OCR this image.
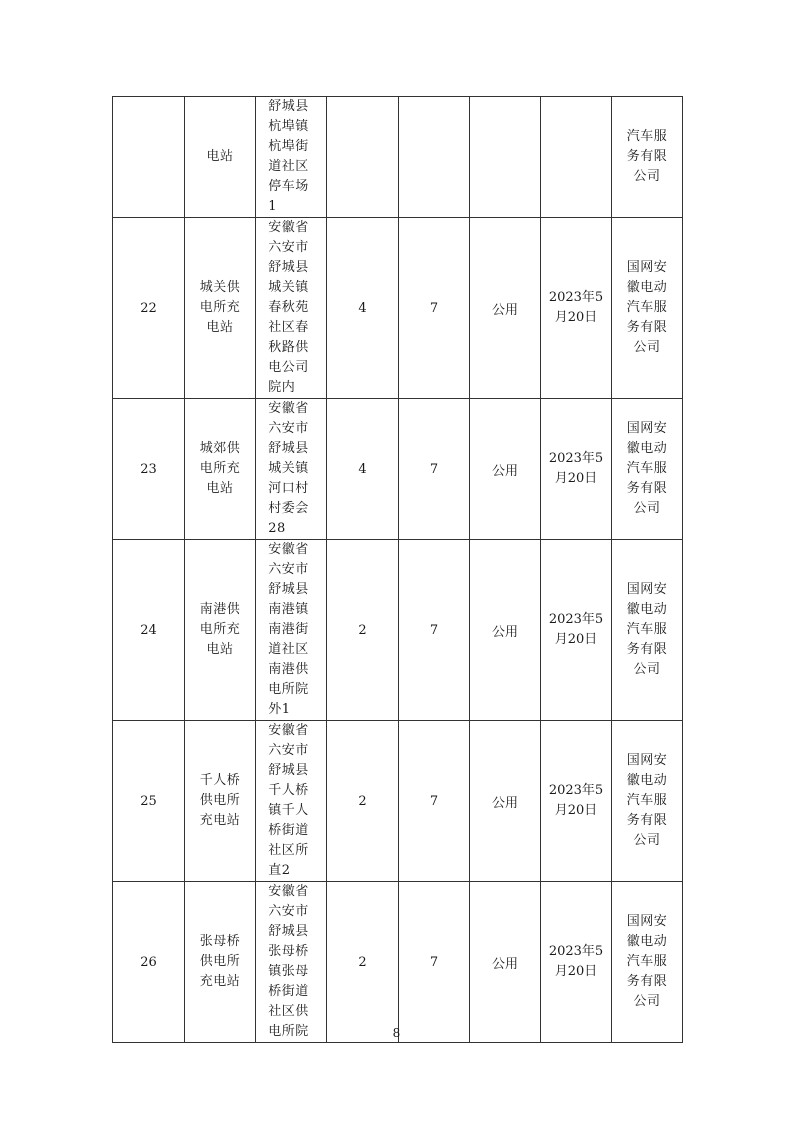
	电站	舒城县杭埠镇杭埠街道社区停车场1					汽车服务有限公司
22	城关供电所充电站	安徽省六安市舒城县城关镇春秋苑社区春秋路供电公司院内	4	7	公用	2023年5月20日	国网安徽电动汽车服务有限公司
23	城郊供电所充电站	安徽省六安市舒城县城关镇河口村村委会28	4	7	公用	2023年5月20日	国网安徽电动汽车服务有限公司
24	南港供电所充电站	安徽省六安市舒城县南港镇南港街道社区南港供电所院外1	2	7	公用	2023年5月20日	国网安徽电动汽车服务有限公司
25	千人桥供电所充电站	安徽省六安市舒城县千人桥镇千人桥街道社区所直2	2	7	公用	2023年5月20日	国网安徽电动汽车服务有限公司
26	张母桥供电所充电站	安徽省六安市舒城县张母桥镇张母桥街道社区供电所院	2	7	公用	2023年5月20日	国网安徽电动汽车服务有限公司
8
